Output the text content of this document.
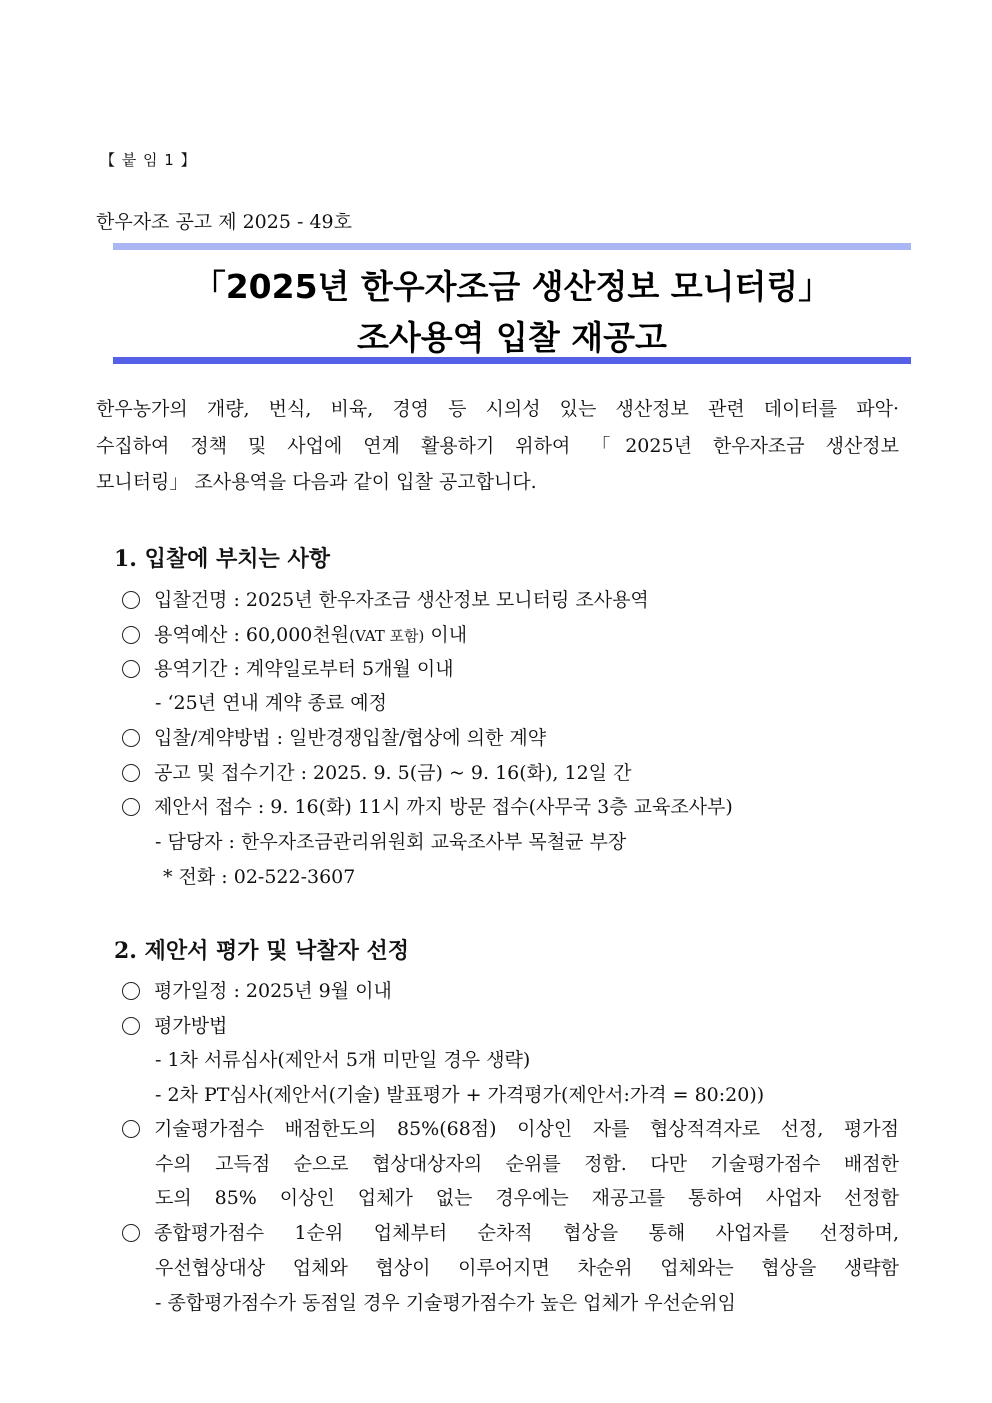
【 붙 임 1 】
한우자조 공고 제 2025 - 49호
「2025년 한우자조금 생산정보 모니터링」
조사용역 입찰 재공고
한우농가의 개량, 번식, 비육, 경영 등 시의성 있는 생산정보 관련 데이터를 파악·
수집하여 정책 및 사업에 연계 활용하기 위하여 「2025년 한우자조금 생산정보
모니터링」 조사용역을 다음과 같이 입찰 공고합니다.
1. 입찰에 부치는 사항
입찰건명 : 2025년 한우자조금 생산정보 모니터링 조사용역
용역예산 : 60,000천원(VAT 포함) 이내
용역기간 : 계약일로부터 5개월 이내
- ‘25년 연내 계약 종료 예정
입찰/계약방법 : 일반경쟁입찰/협상에 의한 계약
공고 및 접수기간 : 2025. 9. 5(금) ~ 9. 16(화), 12일 간
제안서 접수 : 9. 16(화) 11시 까지 방문 접수(사무국 3층 교육조사부)
- 담당자 : 한우자조금관리위원회 교육조사부 목철균 부장
* 전화 : 02-522-3607
2. 제안서 평가 및 낙찰자 선정
평가일정 : 2025년 9월 이내
평가방법
- 1차 서류심사(제안서 5개 미만일 경우 생략)
- 2차 PT심사(제안서(기술) 발표평가 + 가격평가(제안서:가격 = 80:20))
기술평가점수 배점한도의 85%(68점) 이상인 자를 협상적격자로 선정, 평가점
수의 고득점 순으로 협상대상자의 순위를 정함. 다만 기술평가점수 배점한
도의 85% 이상인 업체가 없는 경우에는 재공고를 통하여 사업자 선정함
종합평가점수 1순위 업체부터 순차적 협상을 통해 사업자를 선정하며,
우선협상대상 업체와 협상이 이루어지면 차순위 업체와는 협상을 생략함
- 종합평가점수가 동점일 경우 기술평가점수가 높은 업체가 우선순위임
